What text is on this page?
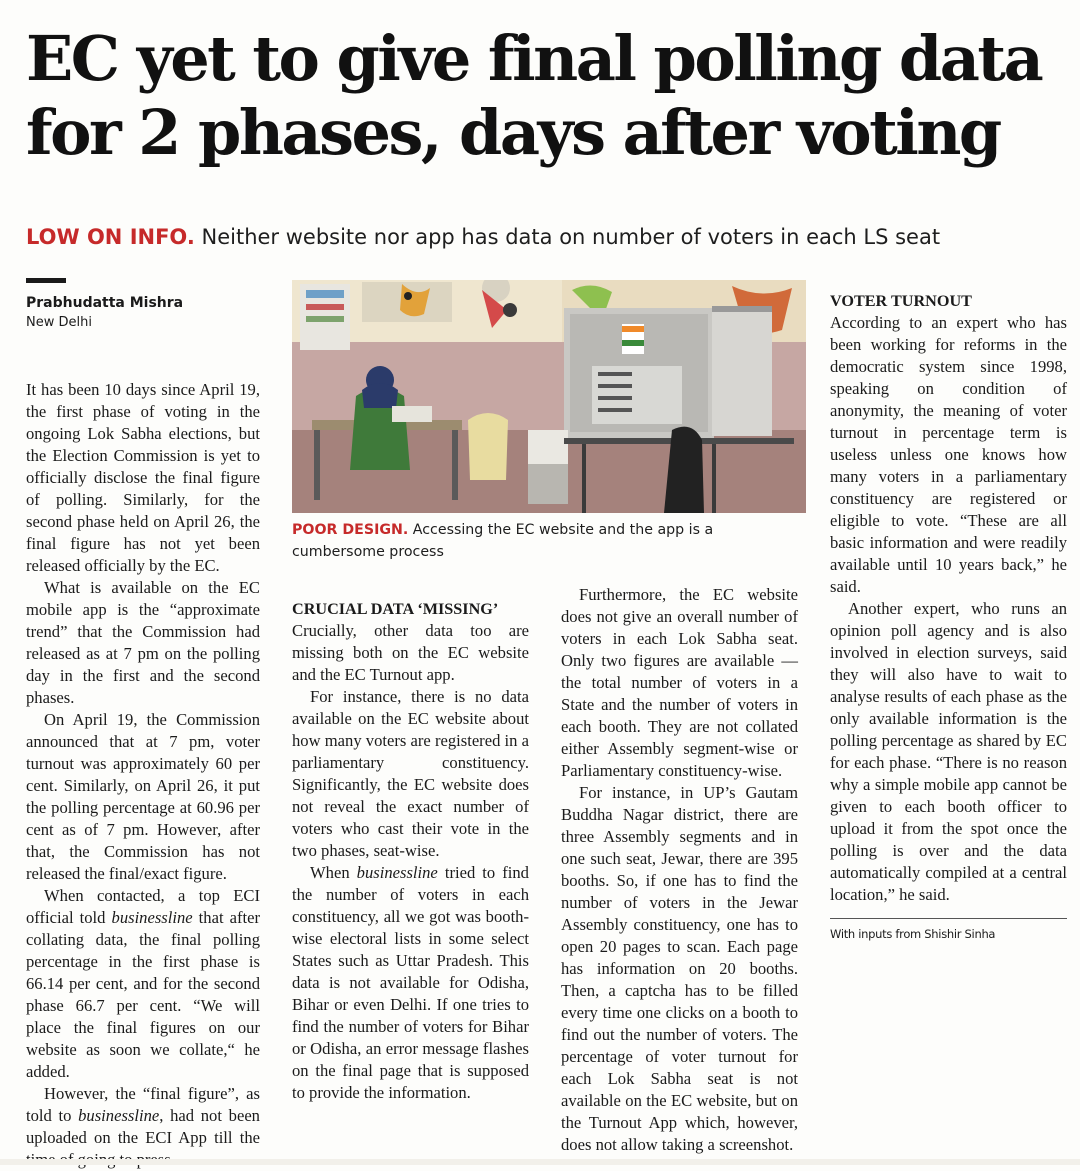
EC yet to give final polling data
for 2 phases, days after voting
LOW ON INFO. Neither website nor app has data on number of voters in each LS seat
POOR DESIGN. Accessing the EC website and the app is a cumbersome process
Prabhudatta Mishra
New Delhi

It has been 10 days since April 19, the first phase of voting in the ongoing Lok Sabha elections, but the Election Commission is yet to officially disclose the final figure of polling. Similarly, for the second phase held on April 26, the final figure has not yet been released officially by the EC.

What is available on the EC mobile app is the “approximate trend” that the Commission had released as at 7 pm on the polling day in the first and the second phases.

On April 19, the Commission announced that at 7 pm, voter turnout was approximately 60 per cent. Similarly, on April 26, it put the polling percentage at 60.96 per cent as of 7 pm. However, after that, the Commission has not released the final/exact figure.

When contacted, a top ECI official told businessline that after collating data, the final polling percentage in the first phase is 66.14 per cent, and for the second phase 66.7 per cent. “We will place the final figures on our website as soon we collate,“ he added.

However, the “final figure”, as told to businessline, had not been uploaded on the ECI App till the

CRUCIAL DATA ‘MISSING’

Crucially, other data too are missing both on the EC website and the EC Turnout app.

For instance, there is no data available on the EC website about how many voters are registered in a parliamentary constituency. Significantly, the EC website does not reveal the exact number of voters who cast their vote in the two phases, seat-wise.

When businessline tried to find the number of voters in each constituency, all we got was booth-wise electoral lists in some select States such as Uttar Pradesh. This data is not available for Odisha, Bihar or even Delhi. If one tries to find the number of voters for Bihar or Odisha, an error message flashes on the final page that is supposed to provide the information.

Furthermore, the EC website does not give an overall number of voters in each Lok Sabha seat. Only two figures are available — the total number of voters in a State and the number of voters in each booth. They are not collated either Assembly segment-wise or Parliamentary constituency-wise.

For instance, in UP’s Gautam Buddha Nagar district, there are three Assembly segments and in one such seat, Jewar, there are 395 booths. So, if one has to find the number of voters in the Jewar Assembly constituency, one has to open 20 pages to scan. Each page has information on 20 booths. Then, a captcha has to be filled every time one clicks on a booth to find out the number of voters. The percentage of voter turnout for each Lok Sabha seat is not available on the EC website, but on the Turnout App which, however, does not allow taking a screenshot.

VOTER TURNOUT

According to an expert who has been working for reforms in the democratic system since 1998, speaking on condition of anonymity, the meaning of voter turnout in percentage term is useless unless one knows how many voters in a parliamentary constituency are registered or eligible to vote. “These are all basic information and were readily available until 10 years back,” he said.

Another expert, who runs an opinion poll agency and is also involved in election surveys, said they will also have to wait to analyse results of each phase as the only available information is the polling percentage as shared by EC for each phase. “There is no reason why a simple mobile app cannot be given to each booth officer to upload it from the spot once the polling is over and the data automatically compiled at a central location,” he said.

With inputs from Shishir Sinha
